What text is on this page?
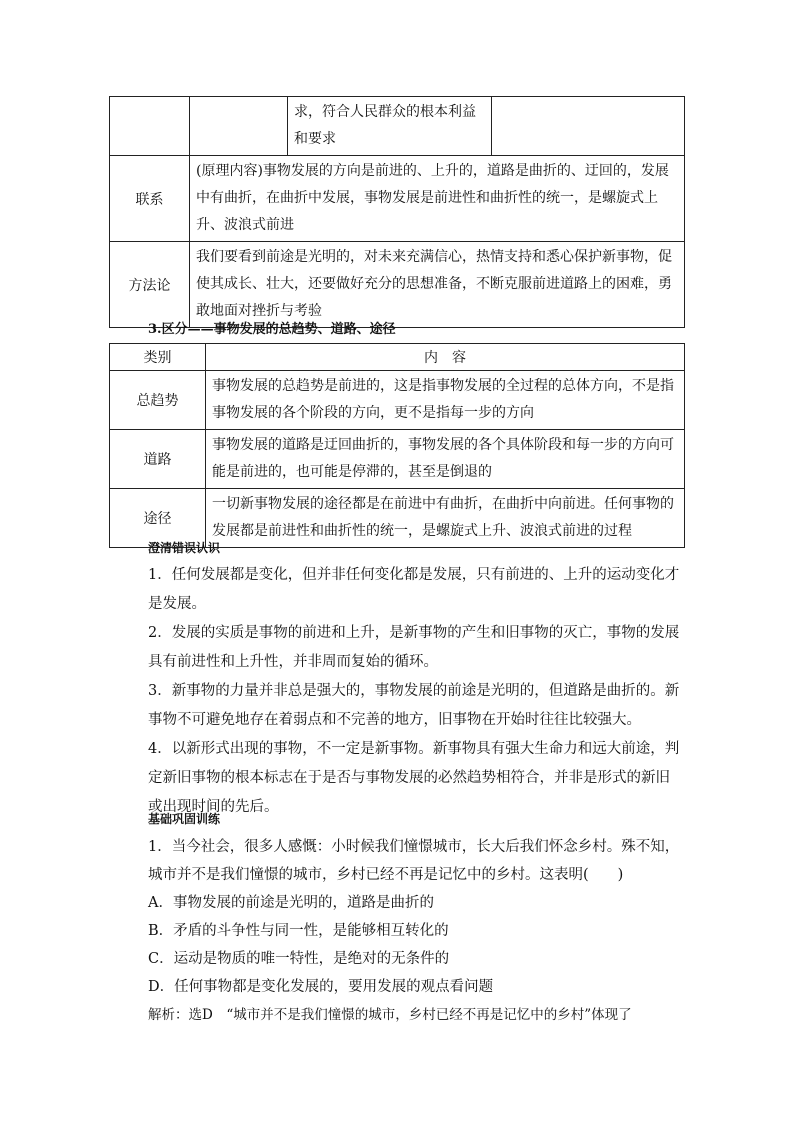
		求，符合人民群众的根本利益和要求	

联系	(原理内容)事物发展的方向是前进的、上升的，道路是曲折的、迂回的，发展中有曲折，在曲折中发展，事物发展是前进性和曲折性的统一，是螺旋式上升、波浪式前进		

方法论	我们要看到前途是光明的，对未来充满信心，热情支持和悉心保护新事物，促使其成长、壮大，还要做好充分的思想准备，不断克服前进道路上的困难，勇敢地面对挫折与考验		
3.区分——事物发展的总趋势、道路、途径
类别	内　容
总趋势	事物发展的总趋势是前进的，这是指事物发展的全过程的总体方向，不是指事物发展的各个阶段的方向，更不是指每一步的方向

道路	事物发展的道路是迂回曲折的，事物发展的各个具体阶段和每一步的方向可能是前进的，也可能是停滞的，甚至是倒退的

途径	一切新事物发展的途径都是在前进中有曲折，在曲折中向前进。任何事物的发展都是前进性和曲折性的统一，是螺旋式上升、波浪式前进的过程
澄清错误认识
1．任何发展都是变化，但并非任何变化都是发展，只有前进的、上升的运动变化才是发展。
2．发展的实质是事物的前进和上升，是新事物的产生和旧事物的灭亡，事物的发展具有前进性和上升性，并非周而复始的循环。
3．新事物的力量并非总是强大的，事物发展的前途是光明的，但道路是曲折的。新事物不可避免地存在着弱点和不完善的地方，旧事物在开始时往往比较强大。
4．以新形式出现的事物，不一定是新事物。新事物具有强大生命力和远大前途，判定新旧事物的根本标志在于是否与事物发展的必然趋势相符合，并非是形式的新旧或出现时间的先后。
基础巩固训练
1．当今社会，很多人感慨：小时候我们憧憬城市，长大后我们怀念乡村。殊不知，城市并不是我们憧憬的城市，乡村已经不再是记忆中的乡村。这表明(　　)
A．事物发展的前途是光明的，道路是曲折的
B．矛盾的斗争性与同一性，是能够相互转化的
C．运动是物质的唯一特性，是绝对的无条件的
D．任何事物都是变化发展的，要用发展的观点看问题
解析：选D　“城市并不是我们憧憬的城市，乡村已经不再是记忆中的乡村”体现了
